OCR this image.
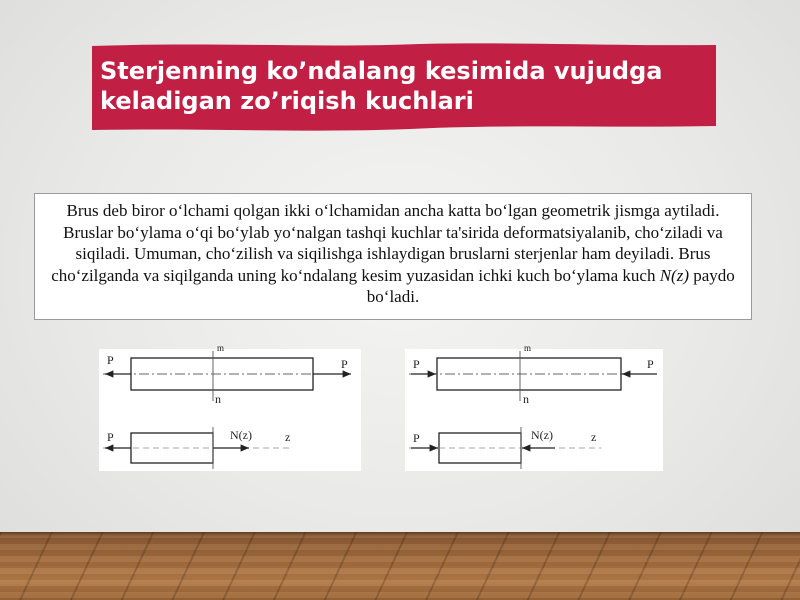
Sterjenning ko’ndalang kesimida vujudga keladigan zo’riqish kuchlari
Brus deb biror o‘lchami qolgan ikki o‘lchamidan ancha katta bo‘lgan geometrik jismga aytiladi. Bruslar bo‘ylama o‘qi bo‘ylab yo‘nalgan tashqi kuchlar ta'sirida deformatsiyalanib, cho‘ziladi va siqiladi. Umuman, cho‘zilish va siqilishga ishlaydigan bruslarni sterjenlar ham deyiladi. Brus cho‘zilganda va siqilganda uning ko‘ndalang kesim yuzasidan ichki kuch bo‘ylama kuch N(z) paydo bo‘ladi.
P	P
m
n
P	N(z)	z
P	P
m
n
P	N(z)	z
